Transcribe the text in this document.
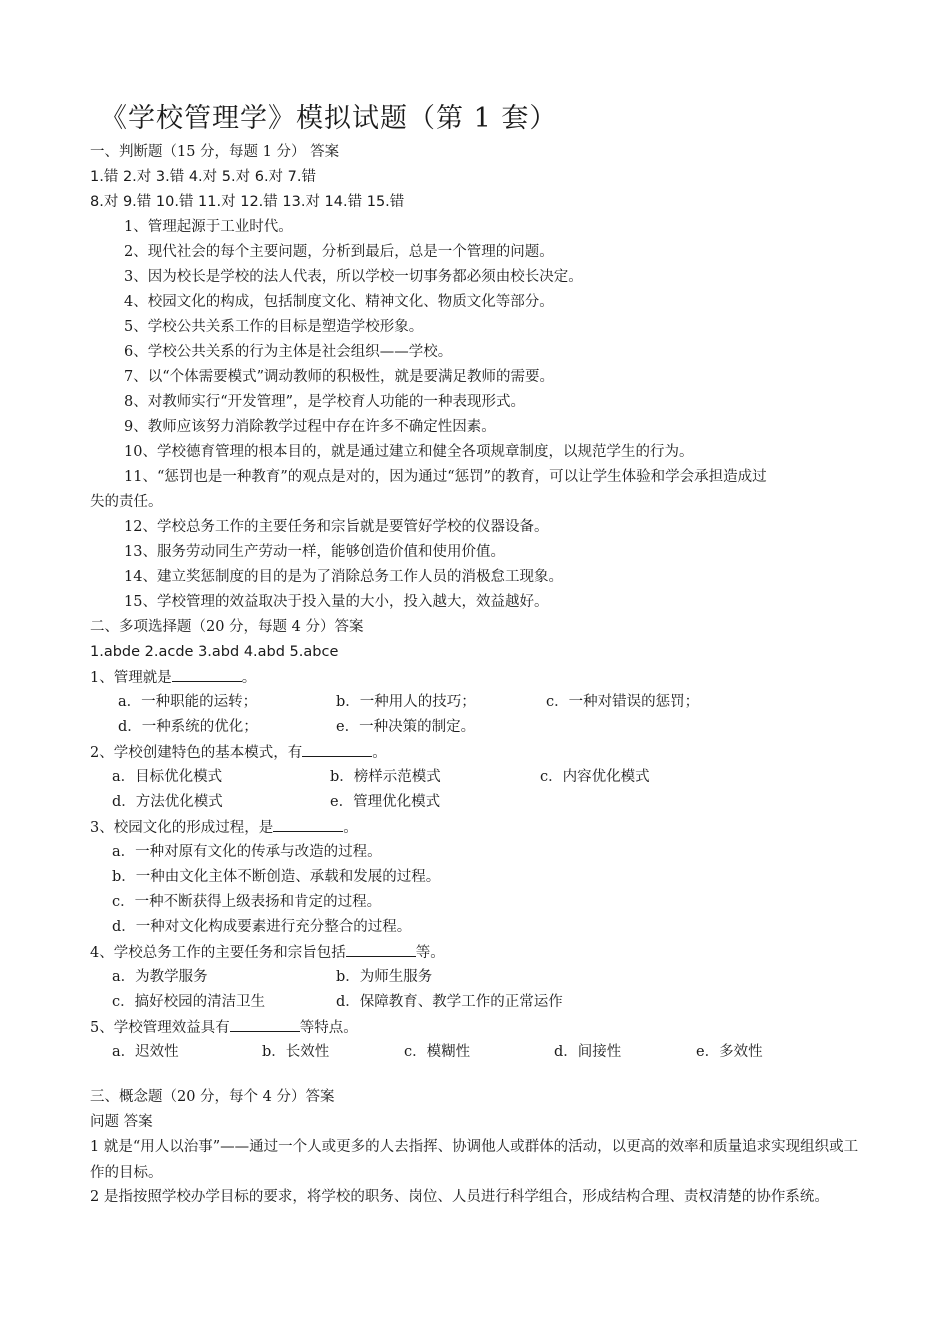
《学校管理学》模拟试题（第 1 套）
一、判断题（15 分，每题 1 分） 答案
1.错 2.对 3.错 4.对 5.对 6.对 7.错
8.对 9.错 10.错 11.对 12.错 13.对 14.错 15.错
1、管理起源于工业时代。
2、现代社会的每个主要问题，分析到最后，总是一个管理的问题。
3、因为校长是学校的法人代表，所以学校一切事务都必须由校长决定。
4、校园文化的构成，包括制度文化、精神文化、物质文化等部分。
5、学校公共关系工作的目标是塑造学校形象。
6、学校公共关系的行为主体是社会组织——学校。
7、以“个体需要模式”调动教师的积极性，就是要满足教师的需要。
8、对教师实行“开发管理”，是学校育人功能的一种表现形式。
9、教师应该努力消除教学过程中存在许多不确定性因素。
10、学校德育管理的根本目的，就是通过建立和健全各项规章制度，以规范学生的行为。
11、“惩罚也是一种教育”的观点是对的，因为通过“惩罚”的教育，可以让学生体验和学会承担造成过
失的责任。
12、学校总务工作的主要任务和宗旨就是要管好学校的仪器设备。
13、服务劳动同生产劳动一样，能够创造价值和使用价值。
14、建立奖惩制度的目的是为了消除总务工作人员的消极怠工现象。
15、学校管理的效益取决于投入量的大小，投入越大，效益越好。
二、多项选择题（20 分，每题 4 分）答案
1.abde 2.acde 3.abd 4.abd 5.abce
1、管理就是	。
a．一种职能的运转；	b．一种用人的技巧；	c．一种对错误的惩罚；
d．一种系统的优化；	e．一种决策的制定。
2、学校创建特色的基本模式，有	。
a．目标优化模式	b．榜样示范模式	c．内容优化模式
d．方法优化模式	e．管理优化模式
3、校园文化的形成过程，是	。
a．一种对原有文化的传承与改造的过程。
b．一种由文化主体不断创造、承载和发展的过程。
c．一种不断获得上级表扬和肯定的过程。
d．一种对文化构成要素进行充分整合的过程。
4、学校总务工作的主要任务和宗旨包括	等。
a．为教学服务	b．为师生服务
c．搞好校园的清洁卫生	d．保障教育、教学工作的正常运作
5、学校管理效益具有	等特点。
a．迟效性	b．长效性	c．模糊性	d．间接性	e．多效性
三、概念题（20 分，每个 4 分）答案
问题 答案
1 就是“用人以治事”——通过一个人或更多的人去指挥、协调他人或群体的活动，以更高的效率和质量追求实现组织或工作的目标。
2 是指按照学校办学目标的要求，将学校的职务、岗位、人员进行科学组合，形成结构合理、责权清楚的协作系统。
